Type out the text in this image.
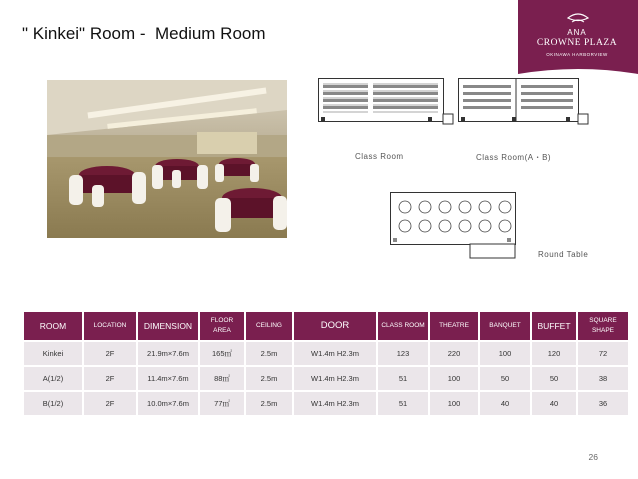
" Kinkei" Room -  Medium Room	ANA
CROWNE PLAZA
OKINAWA HARBORVIEW
Class Room	Class Room(A・B)
Round Table
ROOM	LOCATION	DIMENSION	FLOOR AREA	CEILING	DOOR	CLASS ROOM	THEATRE	BANQUET	BUFFET	SQUARE SHAPE
Kinkei	2F	21.9m×7.6m	165㎡	2.5m	W1.4m H2.3m	123	220	100	120	72
A(1/2)	2F	11.4m×7.6m	88㎡	2.5m	W1.4m H2.3m	51	100	50	50	38
B(1/2)	2F	10.0m×7.6m	77㎡	2.5m	W1.4m H2.3m	51	100	40	40	36
26
